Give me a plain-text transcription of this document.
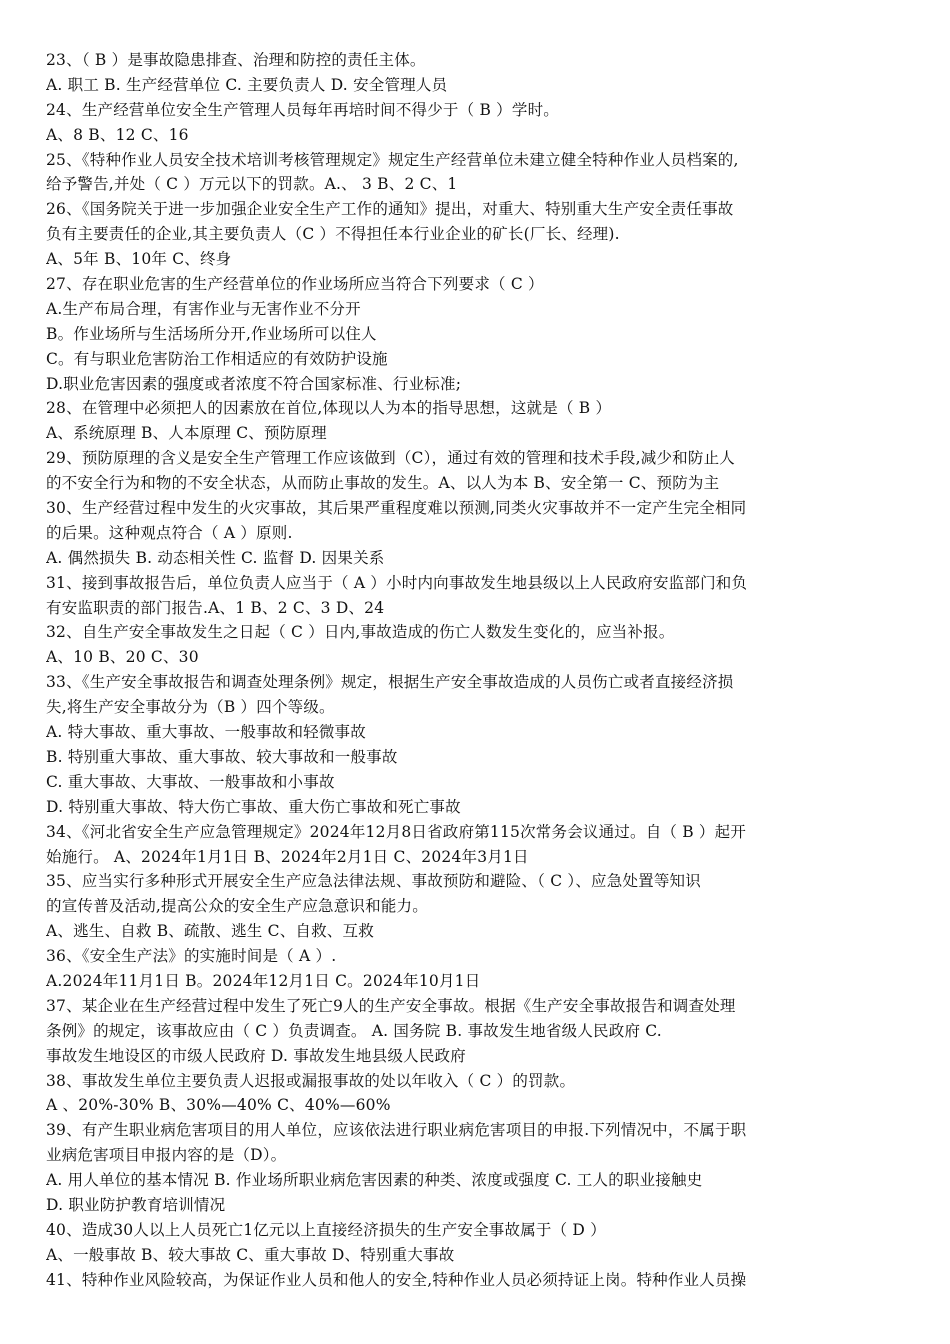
23、（ B ）是事故隐患排查、治理和防控的责任主体。
A. 职工 B. 生产经营单位 C. 主要负责人 D. 安全管理人员
24、生产经营单位安全生产管理人员每年再培时间不得少于（ B ）学时。
A、8 B、12 C、16
25、《特种作业人员安全技术培训考核管理规定》规定生产经营单位未建立健全特种作业人员档案的,
给予警告,并处（ C ）万元以下的罚款。A.、 3 B、2 C、1
26、《国务院关于进一步加强企业安全生产工作的通知》提出，对重大、特别重大生产安全责任事故
负有主要责任的企业,其主要负责人（C ）不得担任本行业企业的矿长(厂长、经理).
A、5年 B、10年 C、终身
27、存在职业危害的生产经营单位的作业场所应当符合下列要求（ C ）
A.生产布局合理，有害作业与无害作业不分开
B。作业场所与生活场所分开,作业场所可以住人
C。有与职业危害防治工作相适应的有效防护设施
D.职业危害因素的强度或者浓度不符合国家标准、行业标准;
28、在管理中必须把人的因素放在首位,体现以人为本的指导思想，这就是（ B ）
A、系统原理 B、人本原理 C、预防原理
29、预防原理的含义是安全生产管理工作应该做到（C），通过有效的管理和技术手段,减少和防止人
的不安全行为和物的不安全状态，从而防止事故的发生。A、以人为本 B、安全第一 C、预防为主
30、生产经营过程中发生的火灾事故，其后果严重程度难以预测,同类火灾事故并不一定产生完全相同
的后果。这种观点符合（ A ）原则.
A. 偶然损失 B. 动态相关性 C. 监督 D. 因果关系
31、接到事故报告后，单位负责人应当于（ A ）小时内向事故发生地县级以上人民政府安监部门和负
有安监职责的部门报告.A、1 B、2 C、3 D、24
32、自生产安全事故发生之日起（ C ）日内,事故造成的伤亡人数发生变化的，应当补报。
A、10 B、20 C、30
33、《生产安全事故报告和调查处理条例》规定，根据生产安全事故造成的人员伤亡或者直接经济损
失,将生产安全事故分为（B ）四个等级。
A. 特大事故、重大事故、一般事故和轻微事故
B. 特别重大事故、重大事故、较大事故和一般事故
C. 重大事故、大事故、一般事故和小事故
D. 特别重大事故、特大伤亡事故、重大伤亡事故和死亡事故
34、《河北省安全生产应急管理规定》2024年12月8日省政府第115次常务会议通过。自（ B ）起开
始施行。 A、2024年1月1日 B、2024年2月1日 C、2024年3月1日
35、应当实行多种形式开展安全生产应急法律法规、事故预防和避险、（ C ）、应急处置等知识
的宣传普及活动,提高公众的安全生产应急意识和能力。
A、逃生、自救 B、疏散、逃生 C、自救、互救
36、《安全生产法》的实施时间是（ A ）.
A.2024年11月1日 B。2024年12月1日 C。2024年10月1日
37、某企业在生产经营过程中发生了死亡9人的生产安全事故。根据《生产安全事故报告和调查处理
条例》的规定，该事故应由（ C ）负责调查。 A. 国务院 B. 事故发生地省级人民政府 C.
事故发生地设区的市级人民政府 D. 事故发生地县级人民政府
38、事故发生单位主要负责人迟报或漏报事故的处以年收入（ C ）的罚款。
A 、20%-30% B、30%—40% C、40%—60%
39、有产生职业病危害项目的用人单位，应该依法进行职业病危害项目的申报.下列情况中，不属于职
业病危害项目申报内容的是（D）。
A. 用人单位的基本情况 B. 作业场所职业病危害因素的种类、浓度或强度 C. 工人的职业接触史
D. 职业防护教育培训情况
40、造成30人以上人员死亡1亿元以上直接经济损失的生产安全事故属于（ D ）
A、一般事故 B、较大事故 C、重大事故 D、特别重大事故
41、特种作业风险较高，为保证作业人员和他人的安全,特种作业人员必须持证上岗。特种作业人员操
